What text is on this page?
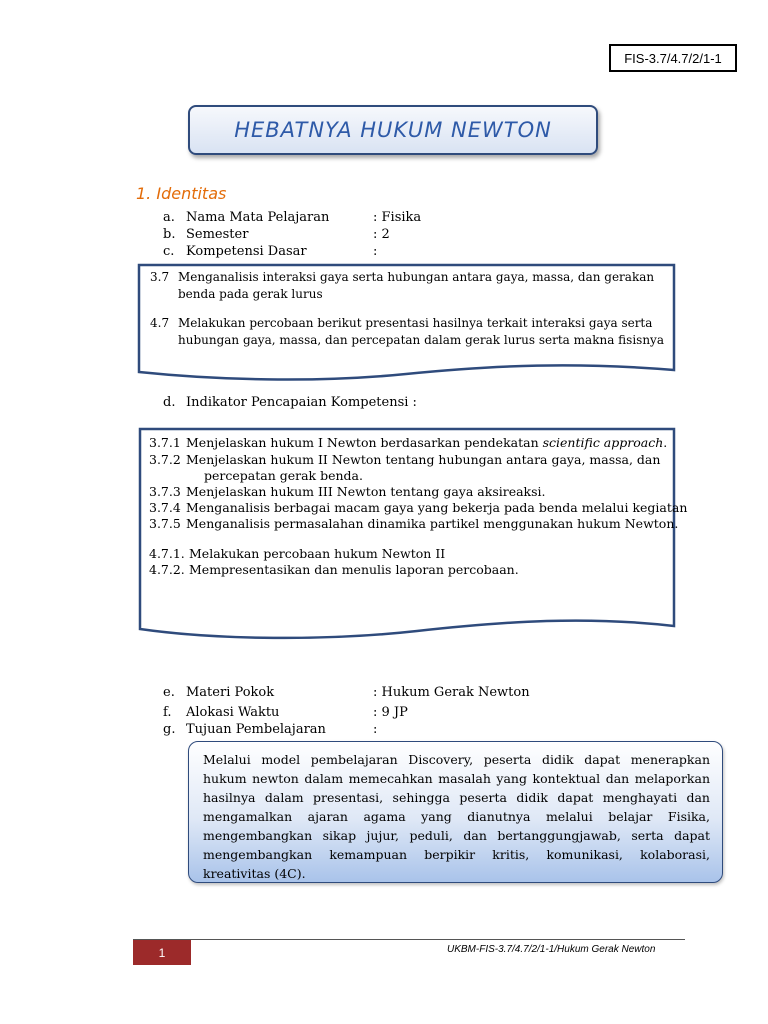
FIS-3.7/4.7/2/1-1
HEBATNYA HUKUM NEWTON
1. Identitas
a. Nama Mata Pelajaran	: Fisika
b. Semester	: 2
c. Kompetensi Dasar	:
3.7 Menganalisis interaksi gaya serta hubungan antara gaya, massa, dan gerakan
benda pada gerak lurus
4.7 Melakukan percobaan berikut presentasi hasilnya terkait interaksi gaya serta
hubungan gaya, massa, dan percepatan dalam gerak lurus serta makna fisisnya
d. Indikator Pencapaian Kompetensi :
3.7.1 Menjelaskan hukum I Newton berdasarkan pendekatan scientific approach.
3.7.2 Menjelaskan hukum II Newton tentang hubungan antara gaya, massa, dan
percepatan gerak benda.
3.7.3 Menjelaskan hukum III Newton tentang gaya aksireaksi.
3.7.4 Menganalisis berbagai macam gaya yang bekerja pada benda melalui kegiatan
3.7.5 Menganalisis permasalahan dinamika partikel menggunakan hukum Newton.
4.7.1. Melakukan percobaan hukum Newton II
4.7.2. Mempresentasikan dan menulis laporan percobaan.
e. Materi Pokok	: Hukum Gerak Newton
f. Alokasi Waktu	: 9 JP
g. Tujuan Pembelajaran	:
Melalui model pembelajaran Discovery, peserta didik dapat menerapkan hukum newton dalam memecahkan masalah yang kontektual dan melaporkan hasilnya dalam presentasi, sehingga peserta didik dapat menghayati dan mengamalkan ajaran agama yang dianutnya melalui belajar Fisika, mengembangkan sikap jujur, peduli, dan bertanggungjawab, serta dapat mengembangkan kemampuan berpikir kritis, komunikasi, kolaborasi, kreativitas (4C).
1	UKBM-FIS-3.7/4.7/2/1-1/Hukum Gerak Newton
